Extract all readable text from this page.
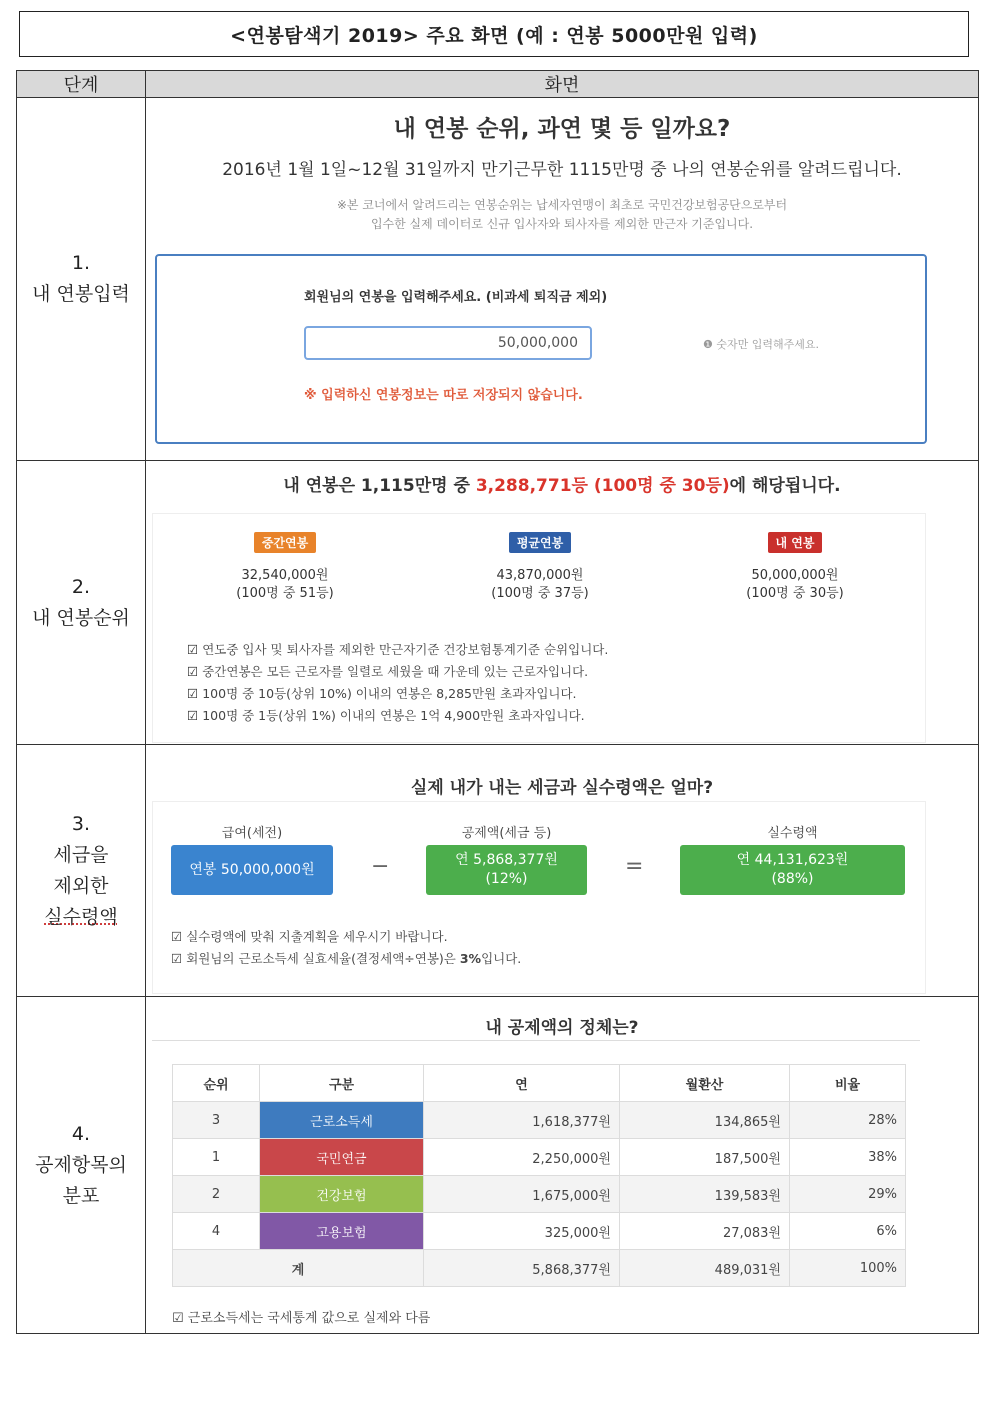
<연봉탐색기 2019> 주요 화면 (예 : 연봉 5000만원 입력)
단계	화면

1.
내 연봉입력

내 연봉 순위, 과연 몇 등 일까요?
2016년 1월 1일~12월 31일까지 만기근무한 1115만명 중 나의 연봉순위를 알려드립니다.
※본 코너에서 알려드리는 연봉순위는 납세자연맹이 최초로 국민건강보험공단으로부터
입수한 실제 데이터로 신규 입사자와 퇴사자를 제외한 만근자 기준입니다.
회원님의 연봉을 입력해주세요. (비과세 퇴직금 제외)
50,000,000
❶ 숫자만 입력해주세요.
※ 입력하신 연봉정보는 따로 저장되지 않습니다.

2.
내 연봉순위

내 연봉은 1,115만명 중 3,288,771등 (100명 중 30등)에 해당됩니다.
중간연봉
32,540,000원
(100명 중 51등)
평균연봉
43,870,000원
(100명 중 37등)
내 연봉
50,000,000원
(100명 중 30등)
☑ 연도중 입사 및 퇴사자를 제외한 만근자기준 건강보험통계기준 순위입니다.
☑ 중간연봉은 모든 근로자를 일렬로 세웠을 때 가운데 있는 근로자입니다.
☑ 100명 중 10등(상위 10%) 이내의 연봉은 8,285만원 초과자입니다.
☑ 100명 중 1등(상위 1%) 이내의 연봉은 1억 4,900만원 초과자입니다.

3.
세금을
제외한
실수령액

실제 내가 내는 세금과 실수령액은 얼마?
급여(세전)
연봉 50,000,000원	−
공제액(세금 등)
연 5,868,377원
(12%)	=
실수령액
연 44,131,623원
(88%)
☑ 실수령액에 맞춰 지출계획을 세우시기 바랍니다.
☑ 회원님의 근로소득세 실효세율(결정세액÷연봉)은 3%입니다.

4.
공제항목의
분포

내 공제액의 정체는?
순위	구분	연	월환산	비율
3	근로소득세	1,618,377원	134,865원	28%
1	국민연금	2,250,000원	187,500원	38%
2	건강보험	1,675,000원	139,583원	29%
4	고용보험	325,000원	27,083원	6%
계	5,868,377원	489,031원	100%
☑ 근로소득세는 국세통계 값으로 실제와 다름
